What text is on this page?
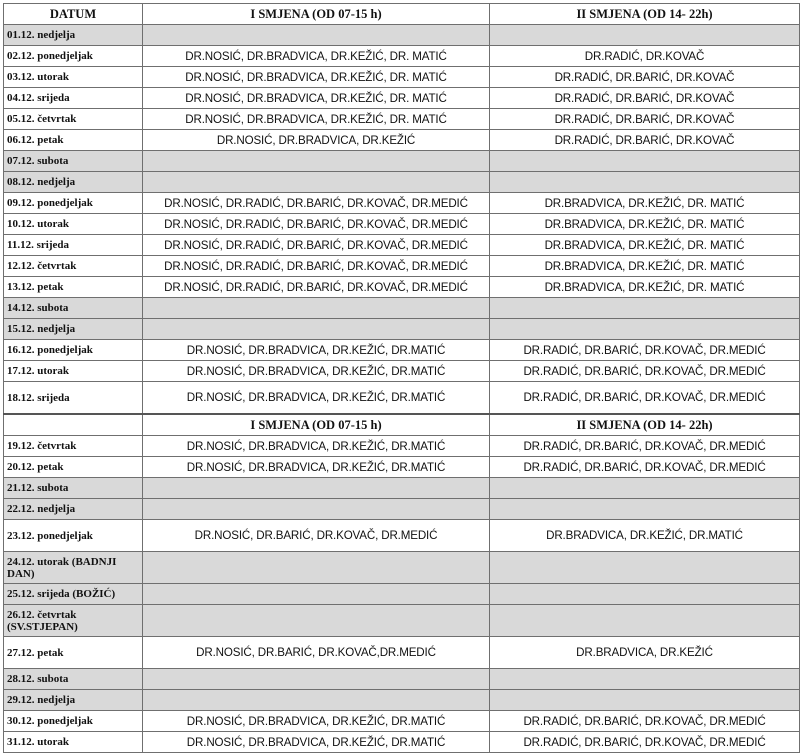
DATUM	I SMJENA (OD 07-15 h)	II SMJENA (OD 14- 22h)
01.12. nedjelja		
02.12. ponedjeljak	DR.NOSIĆ, DR.BRADVICA, DR.KEŽIĆ, DR. MATIĆ	DR.RADIĆ, DR.KOVAČ
03.12. utorak	DR.NOSIĆ, DR.BRADVICA, DR.KEŽIĆ, DR. MATIĆ	DR.RADIĆ, DR.BARIĆ, DR.KOVAČ
04.12. srijeda	DR.NOSIĆ, DR.BRADVICA, DR.KEŽIĆ, DR. MATIĆ	DR.RADIĆ, DR.BARIĆ, DR.KOVAČ
05.12. četvrtak	DR.NOSIĆ, DR.BRADVICA, DR.KEŽIĆ, DR. MATIĆ	DR.RADIĆ, DR.BARIĆ, DR.KOVAČ
06.12. petak	DR.NOSIĆ, DR.BRADVICA, DR.KEŽIĆ	DR.RADIĆ, DR.BARIĆ, DR.KOVAČ
07.12. subota		
08.12. nedjelja		
09.12. ponedjeljak	DR.NOSIĆ, DR.RADIĆ, DR.BARIĆ, DR.KOVAČ, DR.MEDIĆ	DR.BRADVICA, DR.KEŽIĆ, DR. MATIĆ
10.12. utorak	DR.NOSIĆ, DR.RADIĆ, DR.BARIĆ, DR.KOVAČ, DR.MEDIĆ	DR.BRADVICA, DR.KEŽIĆ, DR. MATIĆ
11.12. srijeda	DR.NOSIĆ, DR.RADIĆ, DR.BARIĆ, DR.KOVAČ, DR.MEDIĆ	DR.BRADVICA, DR.KEŽIĆ, DR. MATIĆ
12.12. četvrtak	DR.NOSIĆ, DR.RADIĆ, DR.BARIĆ, DR.KOVAČ, DR.MEDIĆ	DR.BRADVICA, DR.KEŽIĆ, DR. MATIĆ
13.12. petak	DR.NOSIĆ, DR.RADIĆ, DR.BARIĆ, DR.KOVAČ, DR.MEDIĆ	DR.BRADVICA, DR.KEŽIĆ, DR. MATIĆ
14.12. subota		
15.12. nedjelja		
16.12. ponedjeljak	DR.NOSIĆ, DR.BRADVICA, DR.KEŽIĆ, DR.MATIĆ	DR.RADIĆ, DR.BARIĆ, DR.KOVAČ, DR.MEDIĆ
17.12. utorak	DR.NOSIĆ, DR.BRADVICA, DR.KEŽIĆ, DR.MATIĆ	DR.RADIĆ, DR.BARIĆ, DR.KOVAČ, DR.MEDIĆ
18.12. srijeda	DR.NOSIĆ, DR.BRADVICA, DR.KEŽIĆ, DR.MATIĆ	DR.RADIĆ, DR.BARIĆ, DR.KOVAČ, DR.MEDIĆ
	I SMJENA (OD 07-15 h)	II SMJENA (OD 14- 22h)
19.12. četvrtak	DR.NOSIĆ, DR.BRADVICA, DR.KEŽIĆ, DR.MATIĆ	DR.RADIĆ, DR.BARIĆ, DR.KOVAČ, DR.MEDIĆ
20.12. petak	DR.NOSIĆ, DR.BRADVICA, DR.KEŽIĆ, DR.MATIĆ	DR.RADIĆ, DR.BARIĆ, DR.KOVAČ, DR.MEDIĆ
21.12. subota		
22.12. nedjelja		
23.12. ponedjeljak	DR.NOSIĆ, DR.BARIĆ, DR.KOVAČ, DR.MEDIĆ	DR.BRADVICA, DR.KEŽIĆ, DR.MATIĆ
24.12. utorak (BADNJI DAN)		
25.12. srijeda (BOŽIĆ)		
26.12. četvrtak (SV.STJEPAN)		
27.12. petak	DR.NOSIĆ, DR.BARIĆ, DR.KOVAČ,DR.MEDIĆ	DR.BRADVICA, DR.KEŽIĆ
28.12. subota		
29.12. nedjelja		
30.12. ponedjeljak	DR.NOSIĆ, DR.BRADVICA, DR.KEŽIĆ, DR.MATIĆ	DR.RADIĆ, DR.BARIĆ, DR.KOVAČ, DR.MEDIĆ
31.12. utorak	DR.NOSIĆ, DR.BRADVICA, DR.KEŽIĆ, DR.MATIĆ	DR.RADIĆ, DR.BARIĆ, DR.KOVAČ, DR.MEDIĆ
